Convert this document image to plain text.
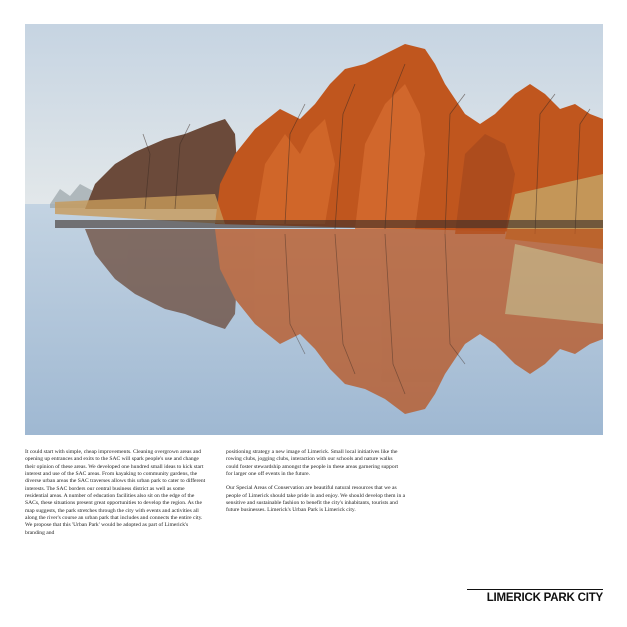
It could start with simple, cheap improvements. Cleaning overgrown areas and opening up entrances and exits to the SAC will spark people's use and change their opinion of these areas. We developed one hundred small ideas to kick start interest and use of the SAC areas. From kayaking to community gardens, the diverse urban areas the SAC traverses allows this urban park to cater to different interests. The SAC borders our central business district as well as some residential areas. A number of education facilities also sit on the edge of the SACs, these situations present great opportunities to develop the region. As the map suggests, the park stretches through the city with events and activities all along the river's course an urban park that includes and connects the entire city. We propose that this 'Urban Park' would be adopted as part of Limerick's branding and

positioning strategy a new image of Limerick. Small local initiatives like the rowing clubs, jogging clubs, interaction with our schools and nature walks could foster stewardship amongst the people in these areas garnering support for larger one off events in the future.

Our Special Areas of Conservation are beautiful natural resources that we as people of Limerick should take pride in and enjoy. We should develop them in a sensitive and sustainable fashion to benefit the city's inhabitants, tourists and future businesses. Limerick's Urban Park is Limerick city.

LIMERICK PARK CITY
